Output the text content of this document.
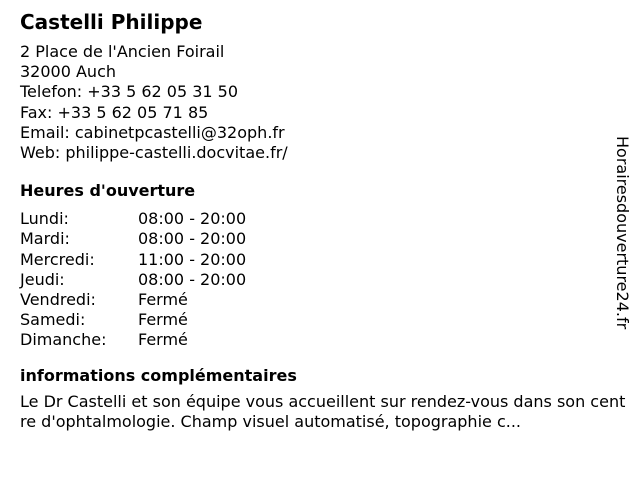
Castelli Philippe
2 Place de l'Ancien Foirail
32000 Auch
Telefon: +33 5 62 05 31 50
Fax: +33 5 62 05 71 85
Email: cabinetpcastelli@32oph.fr
Web: philippe-castelli.docvitae.fr/
Heures d'ouverture
Lundi:	08:00 - 20:00
Mardi:	08:00 - 20:00
Mercredi:	11:00 - 20:00
Jeudi:	08:00 - 20:00
Vendredi:	Fermé
Samedi:	Fermé
Dimanche:	Fermé
informations complémentaires
Le Dr Castelli et son équipe vous accueillent sur rendez-vous dans son centre d'ophtalmologie. Champ visuel automatisé, topographie c...
Horairesdouverture24.fr
